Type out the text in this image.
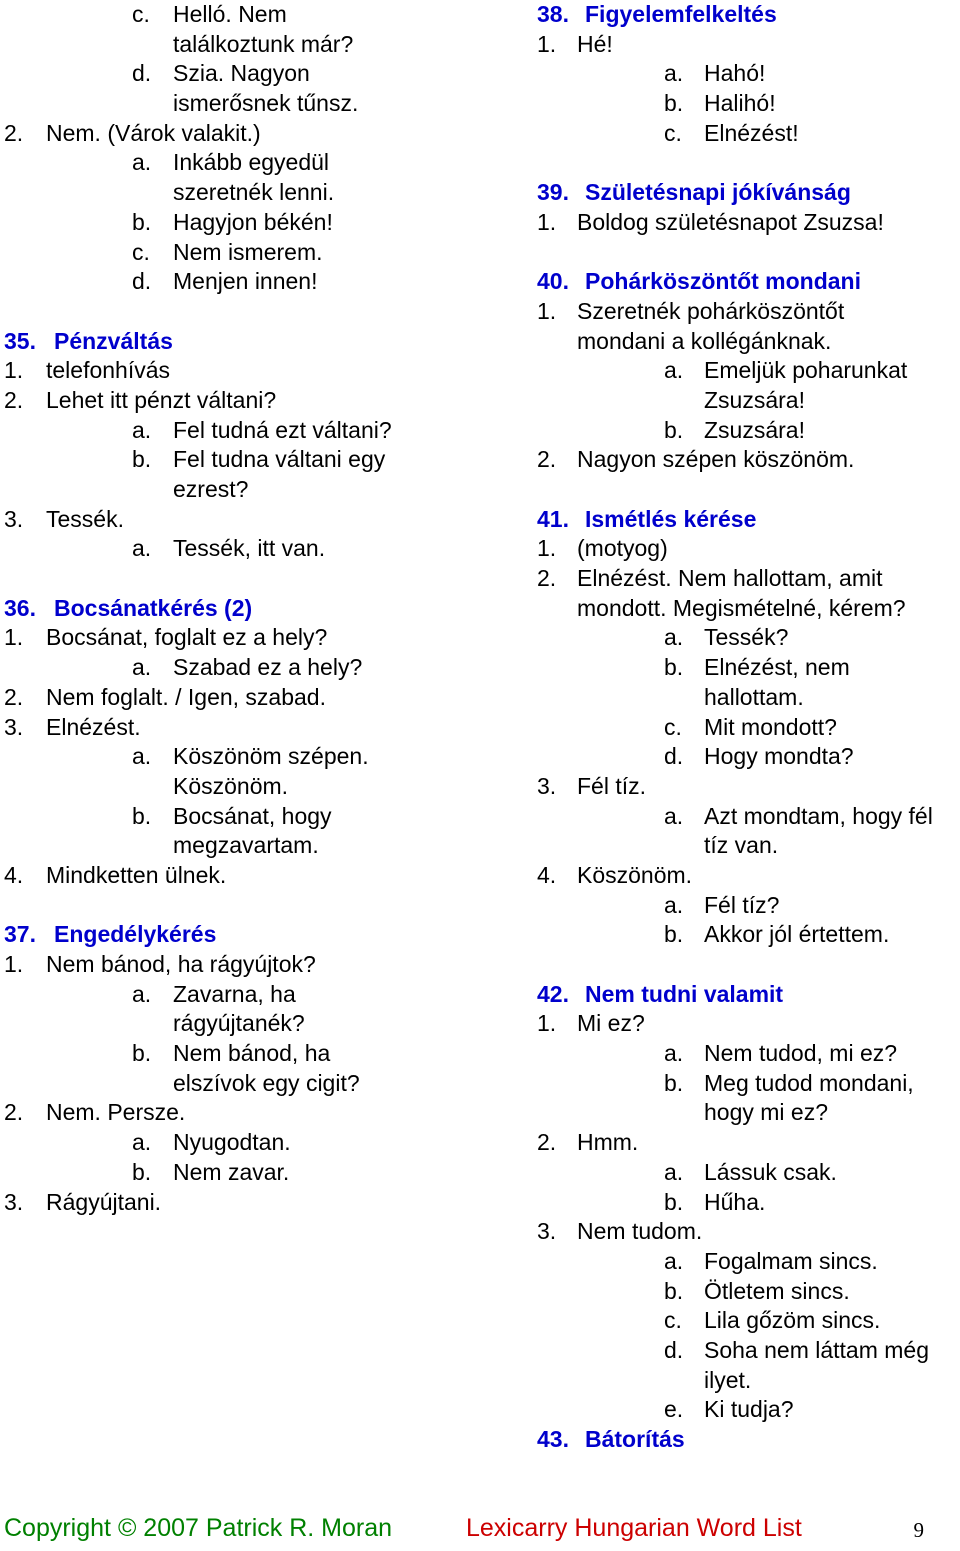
c. Helló. Nem
találkoztunk már?
d. Szia. Nagyon
ismerősnek tűnsz.
2. Nem. (Várok valakit.)
a. Inkább egyedül
szeretnék lenni.
b. Hagyjon békén!
c. Nem ismerem.
d. Menjen innen!
35. Pénzváltás
1. telefonhívás
2. Lehet itt pénzt váltani?
a. Fel tudná ezt váltani?
b. Fel tudna váltani egy
ezrest?
3. Tessék.
a. Tessék, itt van.
36. Bocsánatkérés (2)
1. Bocsánat, foglalt ez a hely?
a. Szabad ez a hely?
2. Nem foglalt. / Igen, szabad.
3. Elnézést.
a. Köszönöm szépen.
Köszönöm.
b. Bocsánat, hogy
megzavartam.
4. Mindketten ülnek.
37. Engedélykérés
1. Nem bánod, ha rágyújtok?
a. Zavarna, ha
rágyújtanék?
b. Nem bánod, ha
elszívok egy cigit?
2. Nem. Persze.
a. Nyugodtan.
b. Nem zavar.
3. Rágyújtani.
38. Figyelemfelkeltés
1. Hé!
a. Hahó!
b. Halihó!
c. Elnézést!
39. Születésnapi jókívánság
1. Boldog születésnapot Zsuzsa!
40. Pohárköszöntőt mondani
1. Szeretnék pohárköszöntőt
mondani a kollégánknak.
a. Emeljük poharunkat
Zsuzsára!
b. Zsuzsára!
2. Nagyon szépen köszönöm.
41. Ismétlés kérése
1. (motyog)
2. Elnézést. Nem hallottam, amit
mondott. Megismételné, kérem?
a. Tessék?
b. Elnézést, nem
hallottam.
c. Mit mondott?
d. Hogy mondta?
3. Fél tíz.
a. Azt mondtam, hogy fél
tíz van.
4. Köszönöm.
a. Fél tíz?
b. Akkor jól értettem.
42. Nem tudni valamit
1. Mi ez?
a. Nem tudod, mi ez?
b. Meg tudod mondani,
hogy mi ez?
2. Hmm.
a. Lássuk csak.
b. Hűha.
3. Nem tudom.
a. Fogalmam sincs.
b. Ötletem sincs.
c. Lila gőzöm sincs.
d. Soha nem láttam még
ilyet.
e. Ki tudja?
43. Bátorítás
Copyright © 2007 Patrick R. Moran	Lexicarry Hungarian Word List	9
